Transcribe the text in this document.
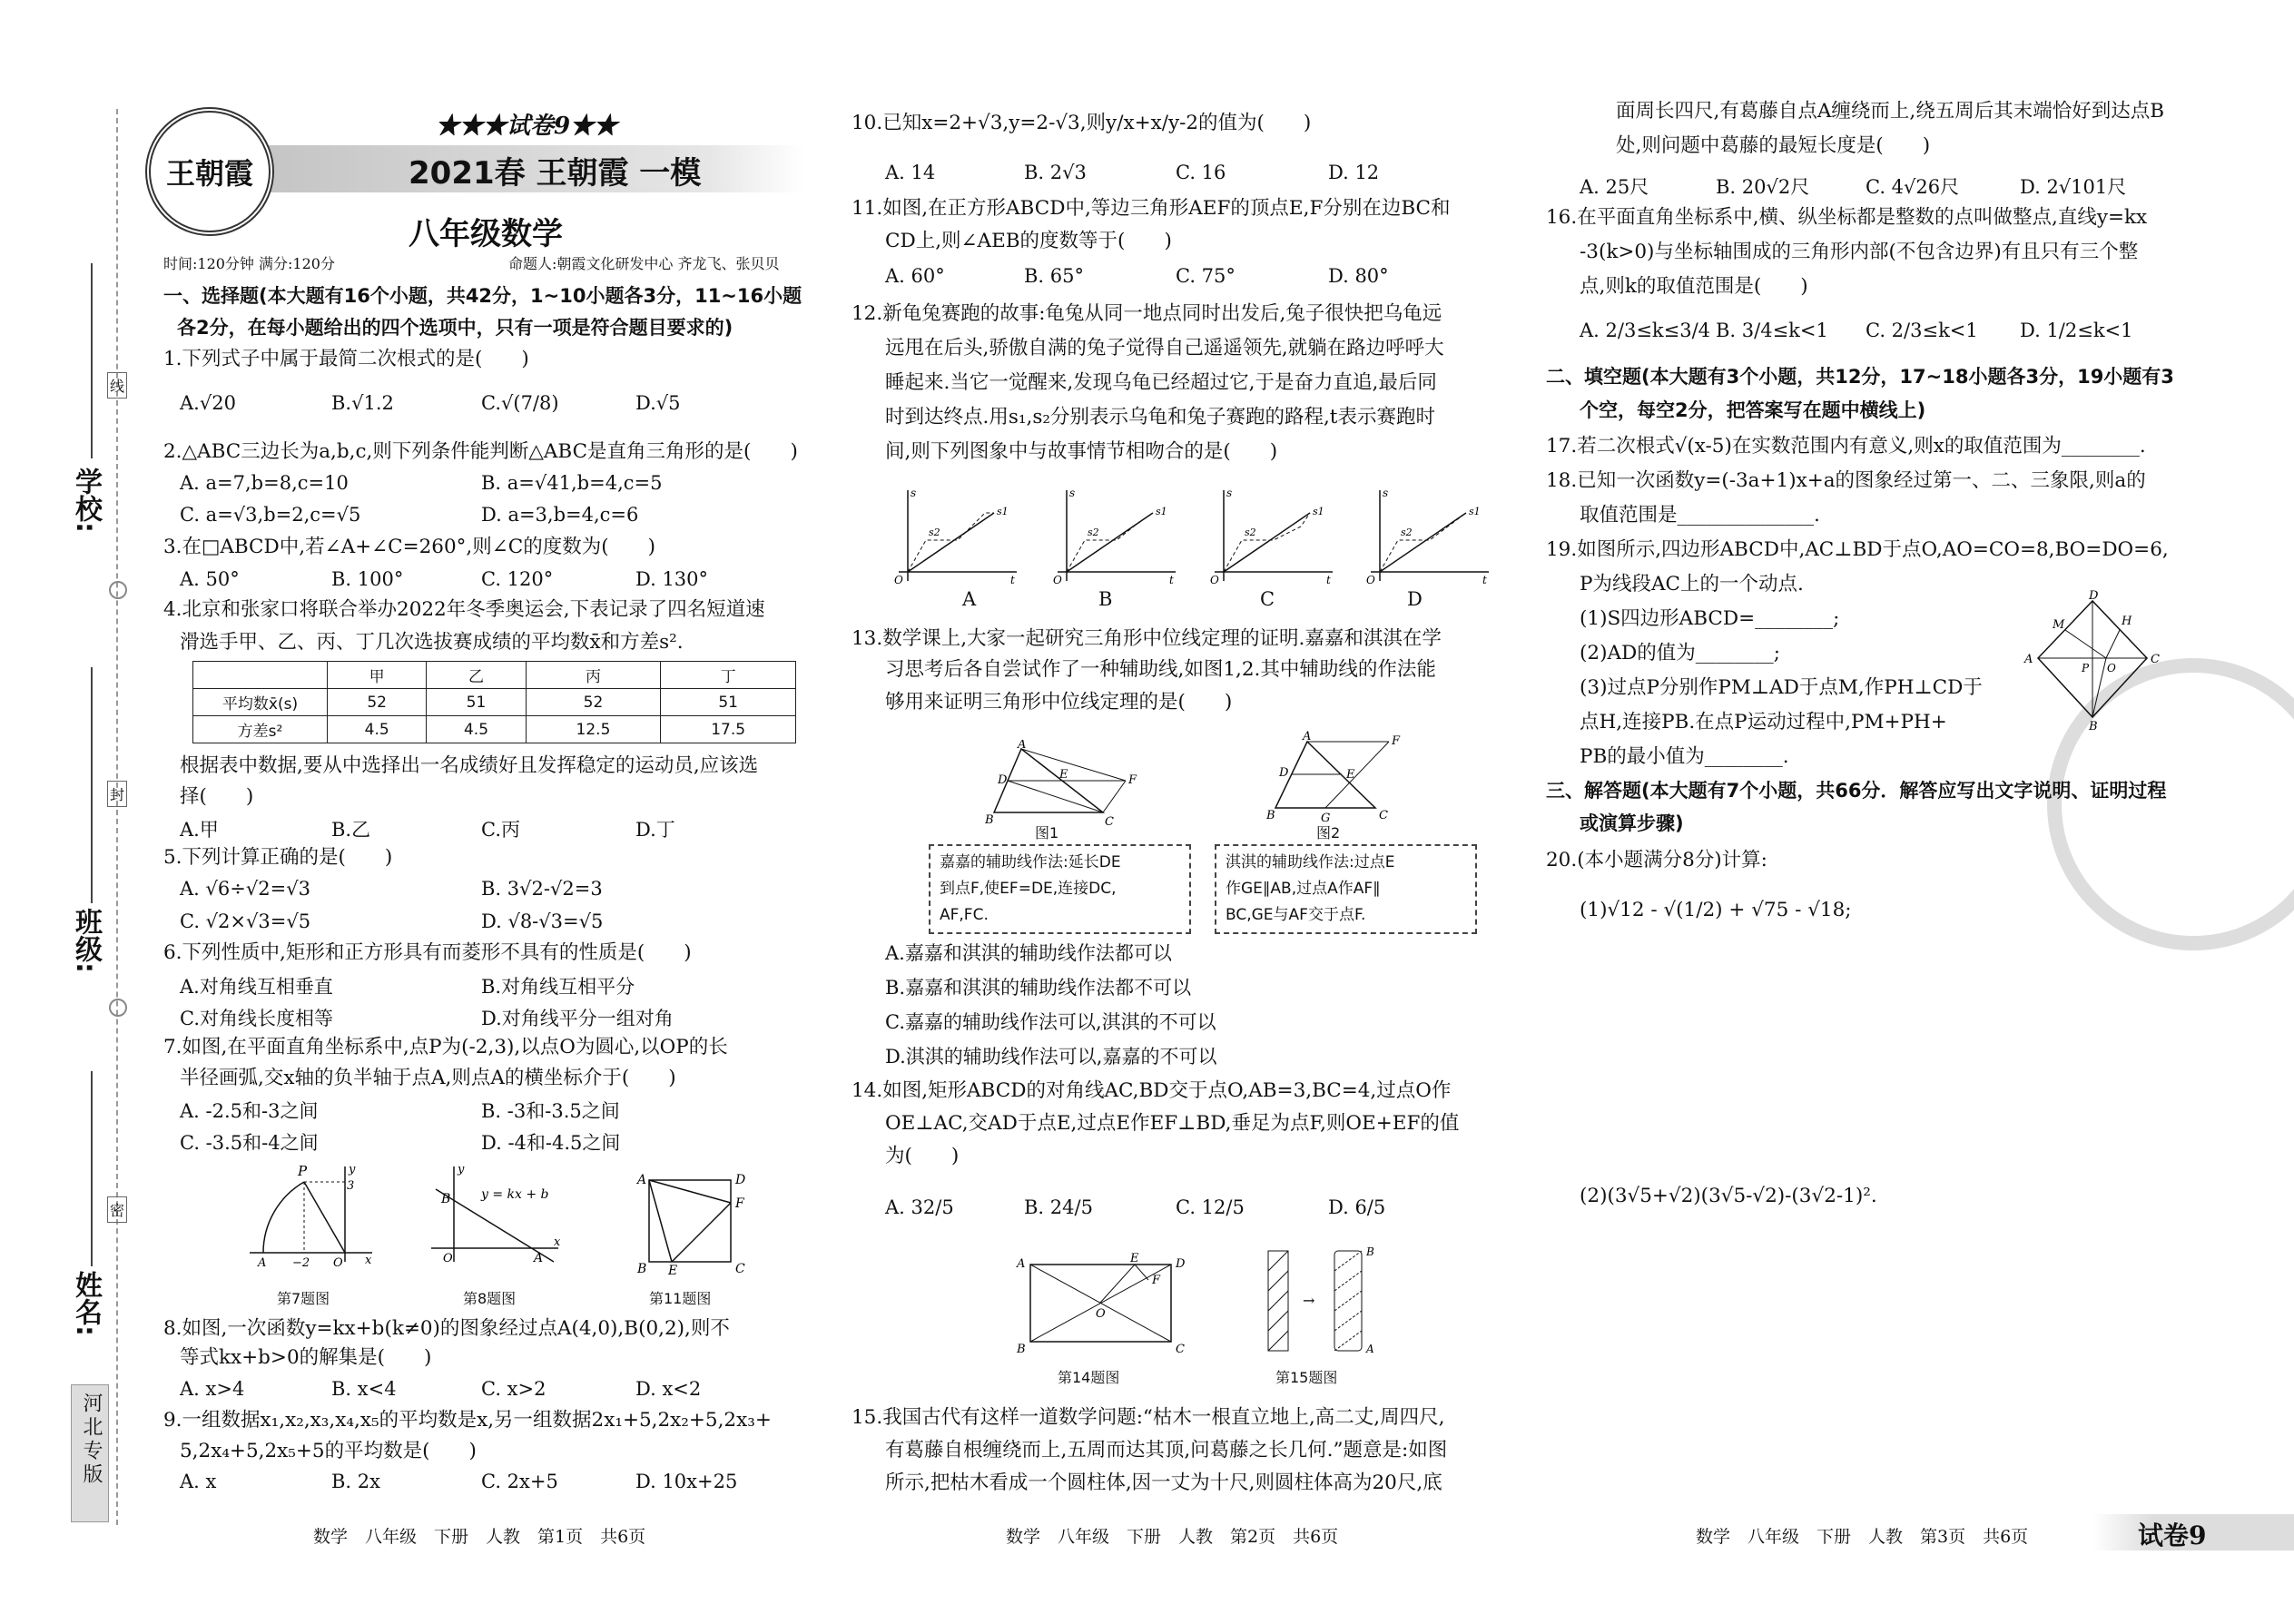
学校:
班级:
姓名:
线
封
密
河北专版
王朝霞
★★★试卷9★★
2021春 王朝霞 一模
八年级数学
时间:120分钟 满分:120分	命题人:朝霞文化研发中心 齐龙飞、张贝贝
一、选择题(本大题有16个小题，共42分，1~10小题各3分，11~16小题
各2分，在每小题给出的四个选项中，只有一项是符合题目要求的)
1.下列式子中属于最简二次根式的是(　　)
A.√20	B.√1.2	C.√(7/8)	D.√5
2.△ABC三边长为a,b,c,则下列条件能判断△ABC是直角三角形的是(　　)
A. a=7,b=8,c=10	B. a=√41,b=4,c=5
C. a=√3,b=2,c=√5	D. a=3,b=4,c=6
3.在□ABCD中,若∠A+∠C=260°,则∠C的度数为(　　)
A. 50°	B. 100°	C. 120°	D. 130°
4.北京和张家口将联合举办2022年冬季奥运会,下表记录了四名短道速
滑选手甲、乙、丙、丁几次选拔赛成绩的平均数x̄和方差s².
	甲	乙	丙	丁
平均数x̄(s)	52	51	52	51
方差s²	4.5	4.5	12.5	17.5
根据表中数据,要从中选择出一名成绩好且发挥稳定的运动员,应该选
择(　　)
A.甲	B.乙	C.丙	D.丁
5.下列计算正确的是(　　)
A. √6÷√2=√3	B. 3√2-√2=3
C. √2×√3=√5	D. √8-√3=√5
6.下列性质中,矩形和正方形具有而菱形不具有的性质是(　　)
A.对角线互相垂直	B.对角线互相平分
C.对角线长度相等	D.对角线平分一组对角
7.如图,在平面直角坐标系中,点P为(-2,3),以点O为圆心,以OP的长
半径画弧,交x轴的负半轴于点A,则点A的横坐标介于(　　)
A. -2.5和-3之间	B. -3和-3.5之间
C. -3.5和-4之间	D. -4和-4.5之间
P
3
A −2 O x
y
B
A
O
y
x
y = kx + b
A	D
F
B E	C
第7题图	第8题图	第11题图
8.如图,一次函数y=kx+b(k≠0)的图象经过点A(4,0),B(0,2),则不
等式kx+b>0的解集是(　　)
A. x>4	B. x<4	C. x>2	D. x<2
9.一组数据x₁,x₂,x₃,x₄,x₅的平均数是x,另一组数据2x₁+5,2x₂+5,2x₃+
5,2x₄+5,2x₅+5的平均数是(　　)
A. x	B. 2x	C. 2x+5	D. 10x+25
数学　八年级　下册　人教　第1页　共6页
10.已知x=2+√3,y=2-√3,则y/x+x/y-2的值为(　　)
A. 14	B. 2√3	C. 16	D. 12
11.如图,在正方形ABCD中,等边三角形AEF的顶点E,F分别在边BC和
CD上,则∠AEB的度数等于(　　)
A. 60°	B. 65°	C. 75°	D. 80°
12.新龟兔赛跑的故事:龟兔从同一地点同时出发后,兔子很快把乌龟远
远甩在后头,骄傲自满的兔子觉得自己遥遥领先,就躺在路边呼呼大
睡起来.当它一觉醒来,发现乌龟已经超过它,于是奋力直追,最后同
时到达终点.用s₁,s₂分别表示乌龟和兔子赛跑的路程,t表示赛跑时
间,则下列图象中与故事情节相吻合的是(　　)
s1
s2
s
t
O
s1
s2
s
t
O
s1
s2
s
t
O
s1
s2
s
t
O
A	B	C	D
13.数学课上,大家一起研究三角形中位线定理的证明.嘉嘉和淇淇在学
习思考后各自尝试作了一种辅助线,如图1,2.其中辅助线的作法能
够用来证明三角形中位线定理的是(　　)
A
D	E	F
B	C
A	F
D	E
B	G	C
图1	图2
嘉嘉的辅助线作法:延长DE
到点F,使EF=DE,连接DC,
AF,FC.
淇淇的辅助线作法:过点E
作GE∥AB,过点A作AF∥
BC,GE与AF交于点F.
A.嘉嘉和淇淇的辅助线作法都可以
B.嘉嘉和淇淇的辅助线作法都不可以
C.嘉嘉的辅助线作法可以,淇淇的不可以
D.淇淇的辅助线作法可以,嘉嘉的不可以
14.如图,矩形ABCD的对角线AC,BD交于点O,AB=3,BC=4,过点O作
OE⊥AC,交AD于点E,过点E作EF⊥BD,垂足为点F,则OE+EF的值
为(　　)
A. 32/5	B. 24/5	C. 12/5	D. 6/5
A	D
E
F
O
B	C
→
B
A
第14题图	第15题图
15.我国古代有这样一道数学问题:“枯木一根直立地上,高二丈,周四尺,
有葛藤自根缠绕而上,五周而达其顶,问葛藤之长几何.”题意是:如图
所示,把枯木看成一个圆柱体,因一丈为十尺,则圆柱体高为20尺,底
数学　八年级　下册　人教　第2页　共6页
面周长四尺,有葛藤自点A缠绕而上,绕五周后其末端恰好到达点B
处,则问题中葛藤的最短长度是(　　)
A. 25尺	B. 20√2尺	C. 4√26尺	D. 2√101尺
16.在平面直角坐标系中,横、纵坐标都是整数的点叫做整点,直线y=kx
-3(k>0)与坐标轴围成的三角形内部(不包含边界)有且只有三个整
点,则k的取值范围是(　　)
A. 2/3≤k≤3/4 B. 3/4≤k<1 C. 2/3≤k<1 D. 1/2≤k<1
二、填空题(本大题有3个小题，共12分，17~18小题各3分，19小题有3
个空，每空2分，把答案写在题中横线上)
17.若二次根式√(x-5)在实数范围内有意义,则x的取值范围为________.
18.已知一次函数y=(-3a+1)x+a的图象经过第一、二、三象限,则a的
取值范围是______________.
19.如图所示,四边形ABCD中,AC⊥BD于点O,AO=CO=8,BO=DO=6,
P为线段AC上的一个动点.
(1)S四边形ABCD=________;
(2)AD的值为________;
(3)过点P分别作PM⊥AD于点M,作PH⊥CD于
点H,连接PB.在点P运动过程中,PM+PH+
PB的最小值为________.
A	C
D
B
M	H
P O
三、解答题(本大题有7个小题，共66分．解答应写出文字说明、证明过程
或演算步骤)
20.(本小题满分8分)计算:
(1)√12 - √(1/2) + √75 - √18;
(2)(3√5+√2)(3√5-√2)-(3√2-1)².
数学　八年级　下册　人教　第3页　共6页	试卷9
